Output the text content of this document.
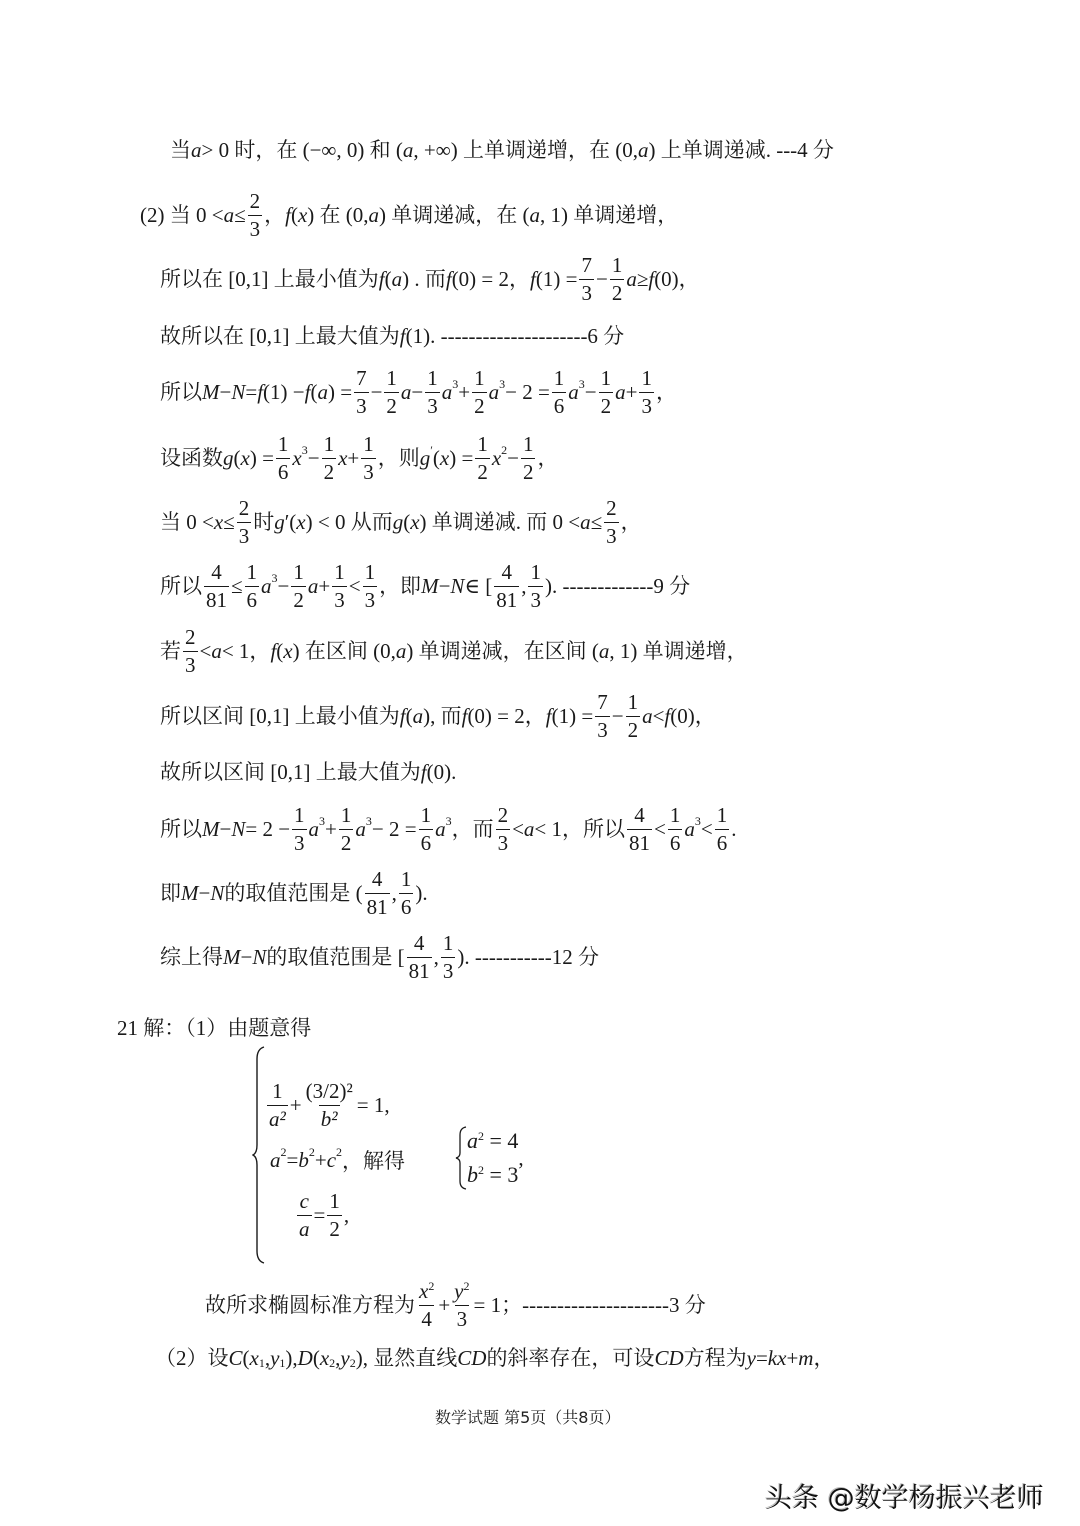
当 a > 0 时，在 (−∞, 0) 和 ( a , +∞) 上单调递增，在 (0, a ) 上单调递减. ---4 分
(2) 当 $0 < a \le \frac{2}{3}$ ， f ( x ) 在 (0, a ) 单调递减，在 ( a , 1) 单调递增，
所以在 [0,1] 上最小值为 f ( a ) . 而 f (0) = 2， f $(1) = \frac{7}{3} - \frac{1}{2}$ a ≥ f (0)，
故所以在 [0,1] 上最大值为 f (1). ---------------------6 分
所以 M − N = f (1) − f ( a ) = $\frac{7}{3} - \frac{1}{2}$ $a - \frac{1}{3} a^3 + \frac{1}{2} a^3 - 2 = \frac{1}{6} a^3 - \frac{1}{2}$ $a + \frac{1}{3}$ ，
设函数 g ( x ) = $\frac{1}{6} x^3 - \frac{1}{2}$ $x + \frac{1}{3}$ ，则 g′ ( x ) = $\frac{1}{2} x^2 - \frac{1}{2}$ ，
当 $0 < x \le \frac{2}{3}$ 时 g ′( x ) < 0 从而 g ( x ) 单调递减. 而 $0 < a \le \frac{2}{3}$ ，
所以 $\frac{4}{81} \le \frac{1}{6} a^3 - \frac{1}{2}$ $a + \frac{1}{3} < \frac{1}{3}$ ，即 M − N ∈ [ $\frac{4}{81}$ , $\frac{1}{3}$ ). -------------9 分
若 $\frac{2}{3} < a < 1$， f ( x ) 在区间 (0, a ) 单调递减，在区间 ( a , 1) 单调递增，
所以区间 [0,1] 上最小值为 f ( a ), 而 f (0) = 2， f $(1) = \frac{7}{3} - \frac{1}{2}$ a < f (0)，
故所以区间 [0,1] 上最大值为 f (0).
所以 $M - N = 2 - \frac{1}{3} a^3 + \frac{1}{2} a^3 - 2 = \frac{1}{6} a^3$ ，而 $\frac{2}{3} < a < 1$，所以 $\frac{4}{81} < \frac{1}{6} a^3 < \frac{1}{6}$ .
即 M − N 的取值范围是 ( $\frac{4}{81}$ , $\frac{1}{6}$ ).
综上得 M − N 的取值范围是 [ $\frac{4}{81}$ , $\frac{1}{3}$ ). -----------12 分
21 解：（1）由题意得
故所求椭圆标准方程为 $\frac{x^2}{4} + \frac{y^2}{3} = 1$；---------------------3 分
（2）设 C ( $x_1$ , $y_1$ ), D ( $x_2$ , $y_2$ ), 显然直线 CD 的斜率存在，可设 CD 方程为 y = kx + m ，
$\frac{1}{\text{a²}} + \frac{\text{(3/2)²}}{\text{b²}} = 1$,
$a^2 = b^2 + c^2$ ，解得
$\frac{c}{a} = \frac{1}{2}$ ,
$a^2 = 4$
$b^2 = 3$
,
数学试题 第5页（共8页）
头条 @数学杨振兴老师
